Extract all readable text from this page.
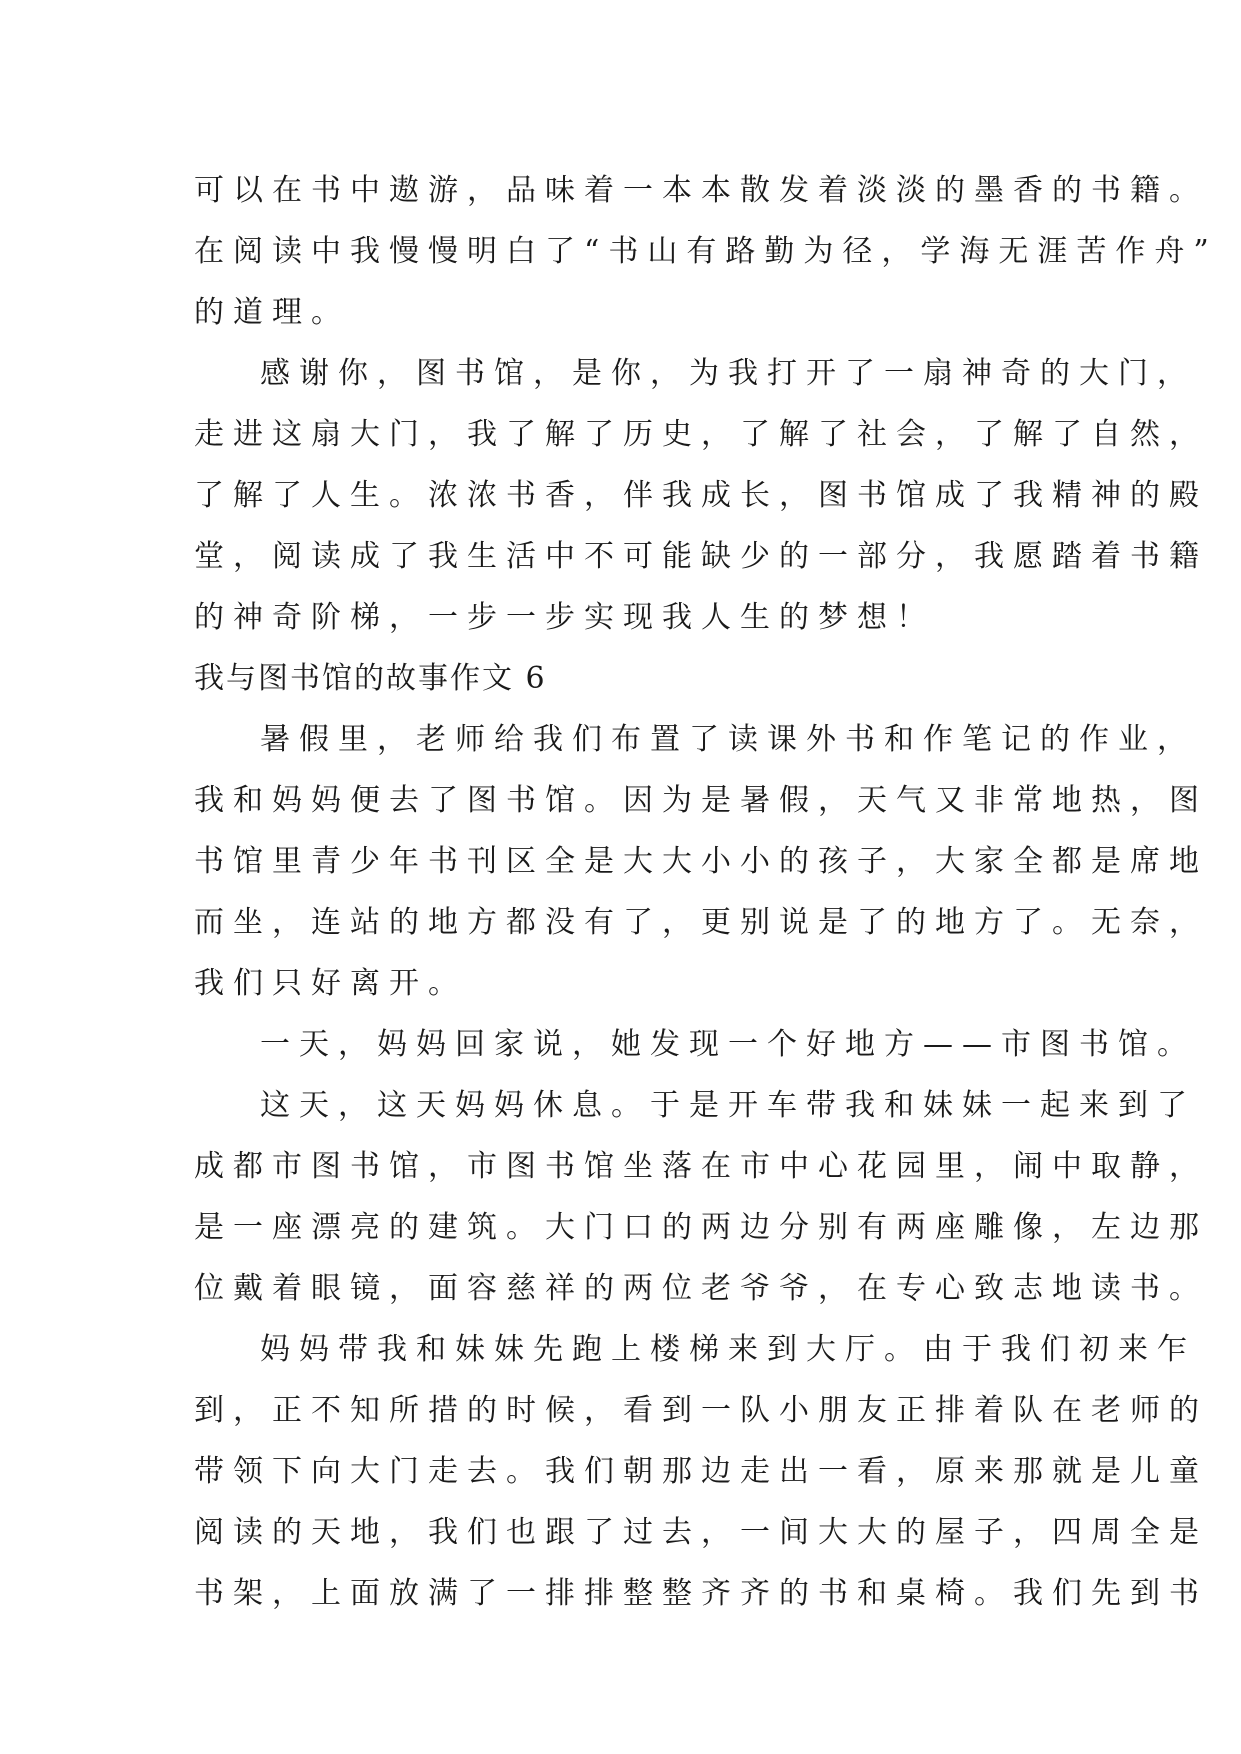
可以在书中遨游，品味着一本本散发着淡淡的墨香的书籍。
在阅读中我慢慢明白了“书山有路勤为径，学海无涯苦作舟”
的道理。
感谢你，图书馆，是你，为我打开了一扇神奇的大门，
走进这扇大门，我了解了历史，了解了社会，了解了自然，
了解了人生。浓浓书香，伴我成长，图书馆成了我精神的殿
堂，阅读成了我生活中不可能缺少的一部分，我愿踏着书籍
的神奇阶梯，一步一步实现我人生的梦想！
我与图书馆的故事作文 6
暑假里，老师给我们布置了读课外书和作笔记的作业，
我和妈妈便去了图书馆。因为是暑假，天气又非常地热，图
书馆里青少年书刊区全是大大小小的孩子，大家全都是席地
而坐，连站的地方都没有了，更别说是了的地方了。无奈，
我们只好离开。
一天，妈妈回家说，她发现一个好地方——市图书馆。
这天，这天妈妈休息。于是开车带我和妹妹一起来到了
成都市图书馆，市图书馆坐落在市中心花园里，闹中取静，
是一座漂亮的建筑。大门口的两边分别有两座雕像，左边那
位戴着眼镜，面容慈祥的两位老爷爷，在专心致志地读书。
妈妈带我和妹妹先跑上楼梯来到大厅。由于我们初来乍
到，正不知所措的时候，看到一队小朋友正排着队在老师的
带领下向大门走去。我们朝那边走出一看，原来那就是儿童
阅读的天地，我们也跟了过去，一间大大的屋子，四周全是
书架，上面放满了一排排整整齐齐的书和桌椅。我们先到书
